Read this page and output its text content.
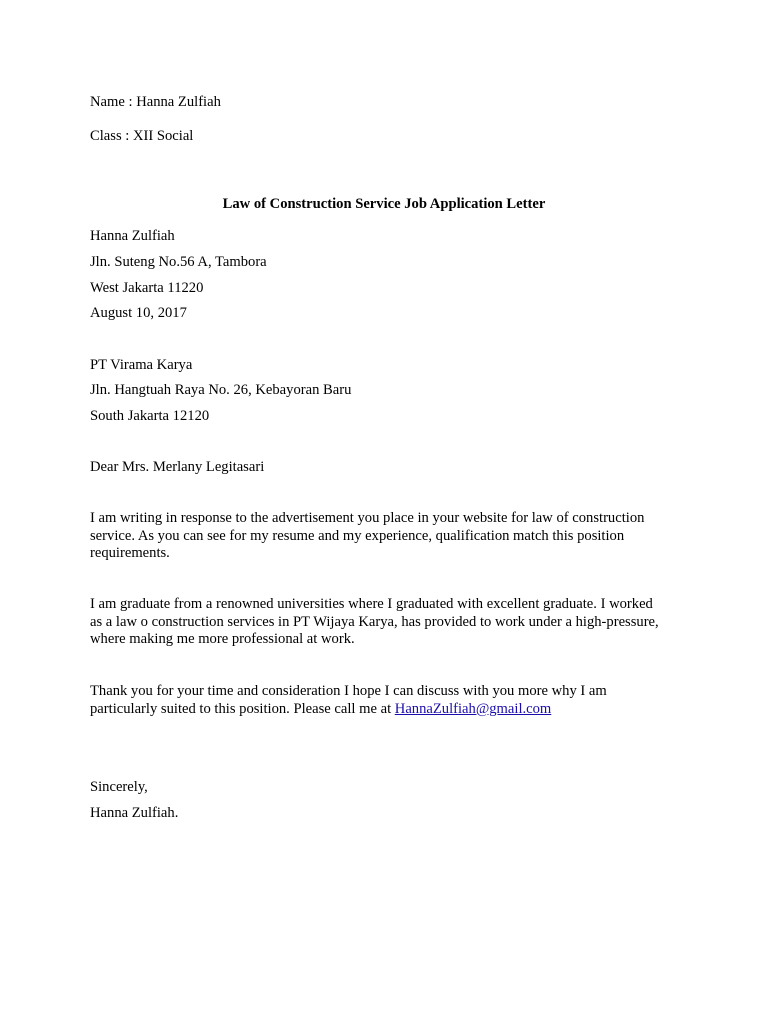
Name : Hanna Zulfiah
Class : XII Social
Law of Construction Service Job Application Letter
Hanna Zulfiah
Jln. Suteng No.56 A, Tambora
West Jakarta 11220
August 10, 2017
PT Virama Karya
Jln. Hangtuah Raya No. 26, Kebayoran Baru
South Jakarta 12120
Dear Mrs. Merlany Legitasari
I am writing in response to the advertisement you place in your website for law of construction
service. As you can see for my resume and my experience, qualification match this position
requirements.
I am graduate from a renowned universities where I graduated with excellent graduate. I worked
as a law o construction services in PT Wijaya Karya, has provided to work under a high-pressure,
where making me more professional at work.
Thank you for your time and consideration I hope I can discuss with you more why I am
particularly suited to this position. Please call me at HannaZulfiah@gmail.com
Sincerely,
Hanna Zulfiah.
